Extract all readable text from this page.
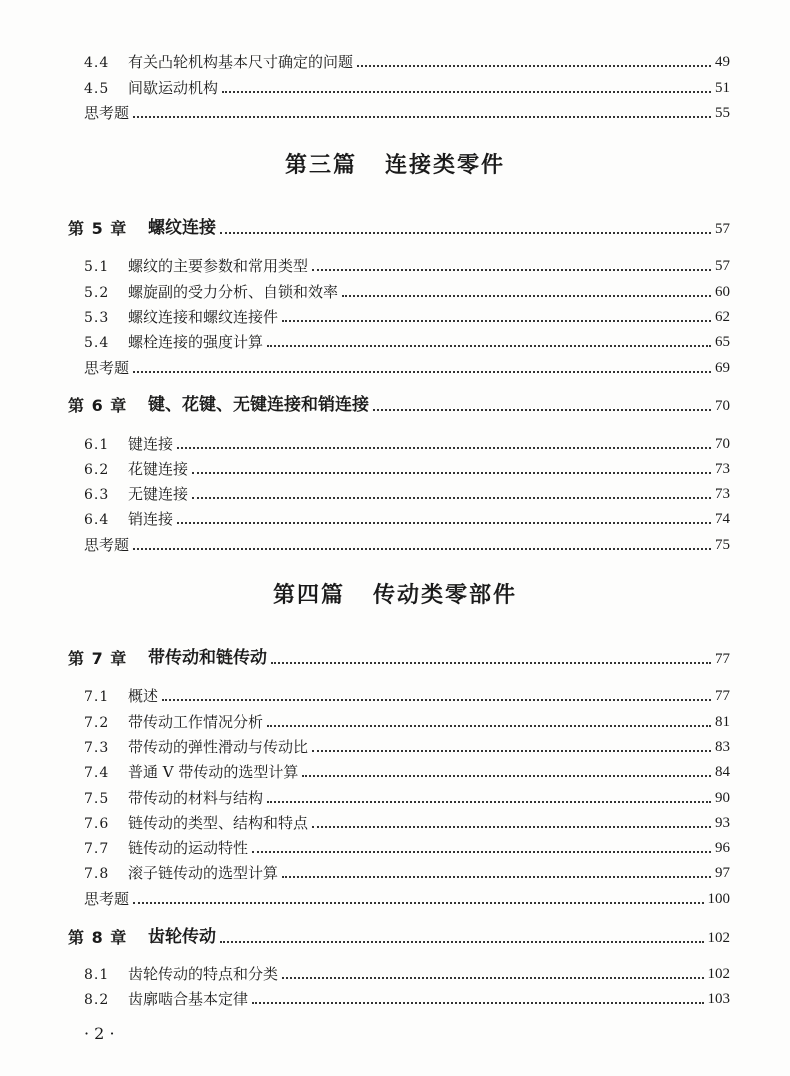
4.4	有关凸轮机构基本尺寸确定的问题	49
4.5	间歇运动机构	51
思考题	55
第三篇 连接类零件
第 5 章	螺纹连接	57
5.1	螺纹的主要参数和常用类型	57
5.2	螺旋副的受力分析、自锁和效率	60
5.3	螺纹连接和螺纹连接件	62
5.4	螺栓连接的强度计算	65
思考题	69
第 6 章	键、花键、无键连接和销连接	70
6.1	键连接	70
6.2	花键连接	73
6.3	无键连接	73
6.4	销连接	74
思考题	75
第四篇 传动类零部件
第 7 章	带传动和链传动	77
7.1	概述	77
7.2	带传动工作情况分析	81
7.3	带传动的弹性滑动与传动比	83
7.4	普通 V 带传动的选型计算	84
7.5	带传动的材料与结构	90
7.6	链传动的类型、结构和特点	93
7.7	链传动的运动特性	96
7.8	滚子链传动的选型计算	97
思考题	100
第 8 章	齿轮传动	102
8.1	齿轮传动的特点和分类	102
8.2	齿廓啮合基本定律	103
· 2 ·
